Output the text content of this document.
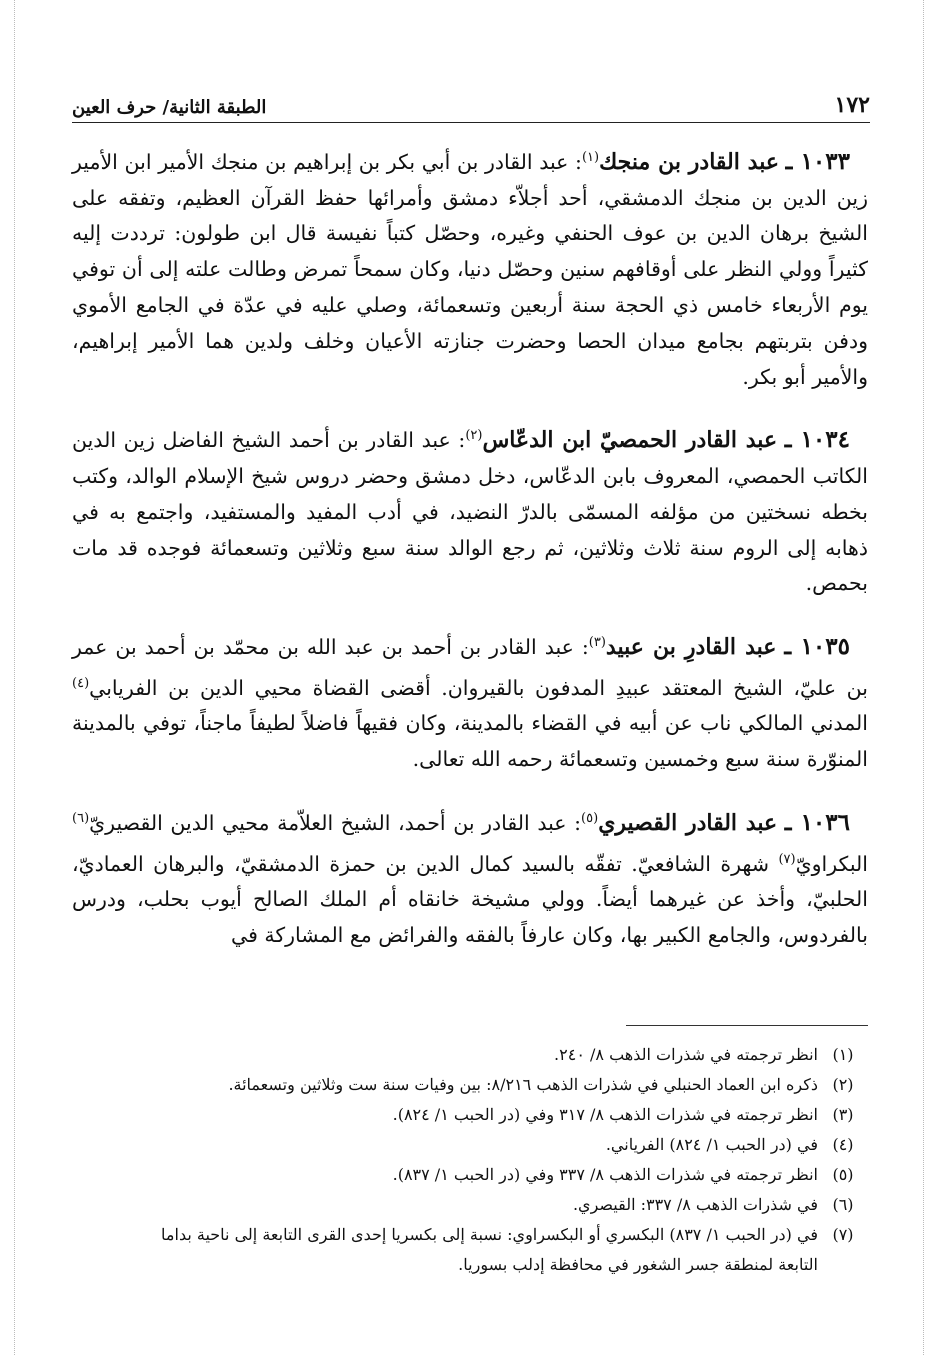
١٧٢
الطبقة الثانية/ حرف العين

١٠٣٣ ـ عبد القادر بن منجك$^{(١)}$: عبد القادر بن أبي بكر بن إبراهيم بن منجك الأمير ابن الأمير زين الدين بن منجك الدمشقي، أحد أجلاّء دمشق وأمرائها حفظ القرآن العظيم، وتفقه على الشيخ برهان الدين بن عوف الحنفي وغيره، وحصّل كتباً نفيسة قال ابن طولون: ترددت إليه كثيراً وولي النظر على أوقافهم سنين وحصّل دنيا، وكان سمحاً تمرض وطالت علته إلى أن توفي يوم الأربعاء خامس ذي الحجة سنة أربعين وتسعمائة، وصلي عليه في عدّة في الجامع الأموي ودفن بتربتهم بجامع ميدان الحصا وحضرت جنازته الأعيان وخلف ولدين هما الأمير إبراهيم، والأمير أبو بكر.

١٠٣٤ ـ عبد القادر الحمصيّ ابن الدعّاس$^{(٢)}$: عبد القادر بن أحمد الشيخ الفاضل زين الدين الكاتب الحمصي، المعروف بابن الدعّاس، دخل دمشق وحضر دروس شيخ الإسلام الوالد، وكتب بخطه نسختين من مؤلفه المسمّى بالدرّ النضيد، في أدب المفيد والمستفيد، واجتمع به في ذهابه إلى الروم سنة ثلاث وثلاثين، ثم رجع الوالد سنة سبع وثلاثين وتسعمائة فوجده قد مات بحمص.

١٠٣٥ ـ عبد القادرِ بن عبيد$^{(٣)}$: عبد القادر بن أحمد بن عبد الله بن محمّد بن أحمد بن عمر بن عليّ، الشيخ المعتقد عبيدِ المدفون بالقيروان. أقضى القضاة محيي الدين بن الفريابي$^{(٤)}$ المدني المالكي ناب عن أبيه في القضاء بالمدينة، وكان فقيهاً فاضلاً لطيفاً ماجناً، توفي بالمدينة المنوّرة سنة سبع وخمسين وتسعمائة رحمه الله تعالى.

١٠٣٦ ـ عبد القادر القصيري$^{(٥)}$: عبد القادر بن أحمد، الشيخ العلاّمة محيي الدين القصيريّ$^{(٦)}$ البكراويّ$^{(٧)}$ شهرة الشافعيّ. تفقّه بالسيد كمال الدين بن حمزة الدمشقيّ، والبرهان العماديّ، الحلبيّ، وأخذ عن غيرهما أيضاً. وولي مشيخة خانقاه أم الملك الصالح أيوب بحلب، ودرس بالفردوس، والجامع الكبير بها، وكان عارفاً بالفقه والفرائض مع المشاركة في

(١)
انظر ترجمته في شذرات الذهب ٨/ ٢٤٠.
(٢)
ذكره ابن العماد الحنبلي في شذرات الذهب ٨/٢١٦: بين وفيات سنة ست وثلاثين وتسعمائة.
(٣)
انظر ترجمته في شذرات الذهب ٨/ ٣١٧ وفي (در الحبب ١/ ٨٢٤).
(٤)
في (در الحبب ١/ ٨٢٤) الفرياني.
(٥)
انظر ترجمته في شذرات الذهب ٨/ ٣٣٧ وفي (در الحبب ١/ ٨٣٧).
(٦)
في شذرات الذهب ٨/ ٣٣٧: القيصري.
(٧)
في (در الحبب ١/ ٨٣٧) البكسري أو البكسراوي: نسبة إلى بكسريا إحدى القرى التابعة إلى ناحية بداما
التابعة لمنطقة جسر الشغور في محافظة إدلب بسوريا.
